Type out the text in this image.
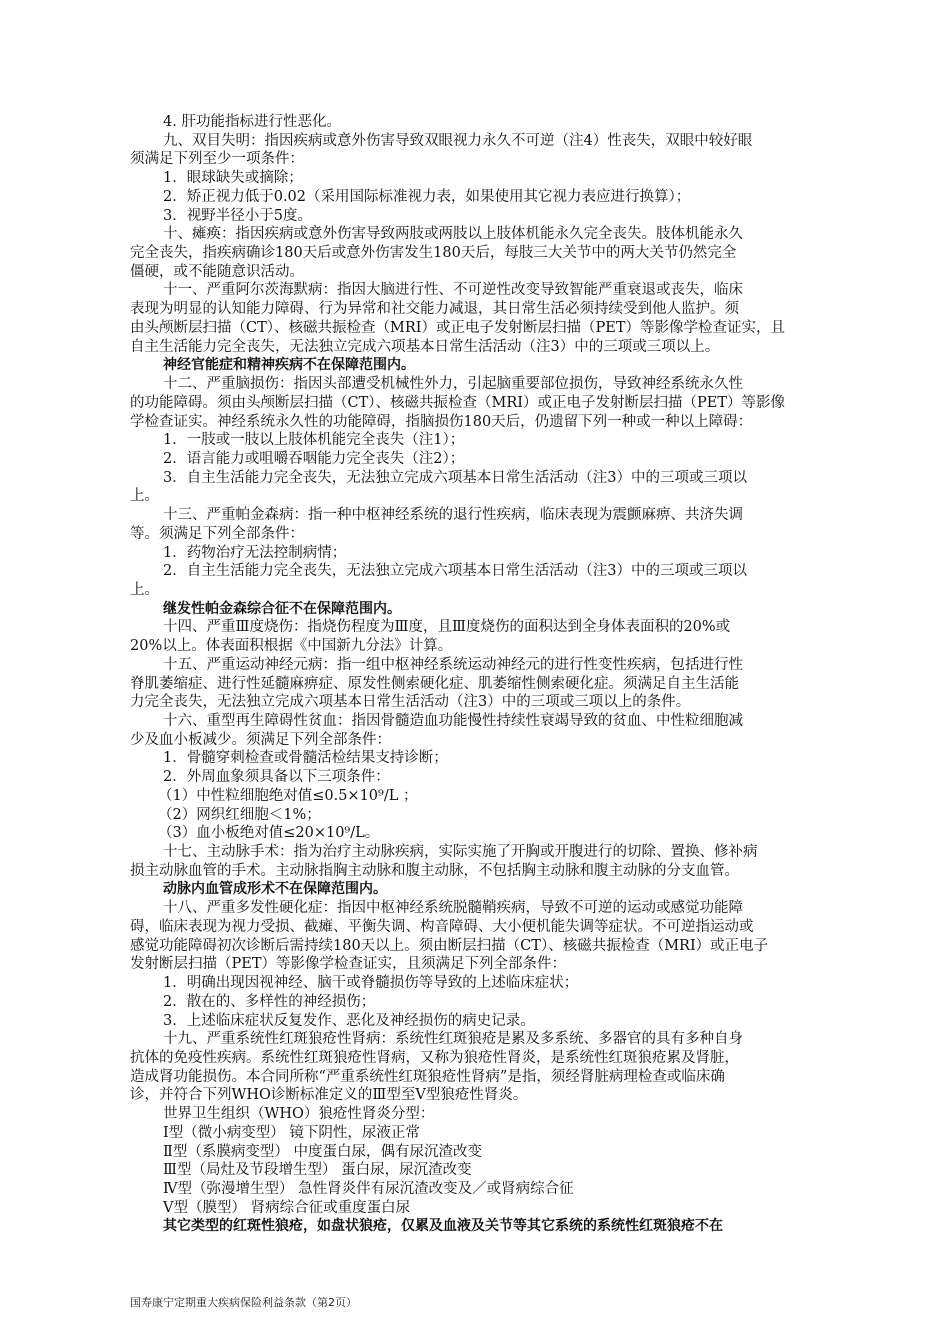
4. 肝功能指标进行性恶化。
九、双目失明：指因疾病或意外伤害导致双眼视力永久不可逆（注4）性丧失，双眼中较好眼
须满足下列至少一项条件：
1．眼球缺失或摘除；
2．矫正视力低于0.02（采用国际标准视力表，如果使用其它视力表应进行换算）；
3．视野半径小于5度。
十、瘫痪：指因疾病或意外伤害导致两肢或两肢以上肢体机能永久完全丧失。肢体机能永久
完全丧失，指疾病确诊180天后或意外伤害发生180天后，每肢三大关节中的两大关节仍然完全
僵硬，或不能随意识活动。
十一、严重阿尔茨海默病：指因大脑进行性、不可逆性改变导致智能严重衰退或丧失，临床
表现为明显的认知能力障碍、行为异常和社交能力减退，其日常生活必须持续受到他人监护。须
由头颅断层扫描（CT）、核磁共振检查（MRI）或正电子发射断层扫描（PET）等影像学检查证实，且
自主生活能力完全丧失，无法独立完成六项基本日常生活活动（注3）中的三项或三项以上。
神经官能症和精神疾病不在保障范围内。
十二、严重脑损伤：指因头部遭受机械性外力，引起脑重要部位损伤，导致神经系统永久性
的功能障碍。须由头颅断层扫描（CT）、核磁共振检查（MRI）或正电子发射断层扫描（PET）等影像
学检查证实。神经系统永久性的功能障碍，指脑损伤180天后，仍遗留下列一种或一种以上障碍：
1．一肢或一肢以上肢体机能完全丧失（注1）；
2．语言能力或咀嚼吞咽能力完全丧失（注2）；
3．自主生活能力完全丧失，无法独立完成六项基本日常生活活动（注3）中的三项或三项以
上。
十三、严重帕金森病：指一种中枢神经系统的退行性疾病，临床表现为震颤麻痹、共济失调
等。须满足下列全部条件：
1．药物治疗无法控制病情；
2．自主生活能力完全丧失，无法独立完成六项基本日常生活活动（注3）中的三项或三项以
上。
继发性帕金森综合征不在保障范围内。
十四、严重Ⅲ度烧伤：指烧伤程度为Ⅲ度，且Ⅲ度烧伤的面积达到全身体表面积的20%或
20%以上。体表面积根据《中国新九分法》计算。
十五、严重运动神经元病：指一组中枢神经系统运动神经元的进行性变性疾病，包括进行性
脊肌萎缩症、进行性延髓麻痹症、原发性侧索硬化症、肌萎缩性侧索硬化症。须满足自主生活能
力完全丧失，无法独立完成六项基本日常生活活动（注3）中的三项或三项以上的条件。
十六、重型再生障碍性贫血：指因骨髓造血功能慢性持续性衰竭导致的贫血、中性粒细胞减
少及血小板减少。须满足下列全部条件：
1．骨髓穿刺检查或骨髓活检结果支持诊断；
2．外周血象须具备以下三项条件：
（1）中性粒细胞绝对值≤0.5×10⁹/L ；
（2）网织红细胞＜1%；
（3）血小板绝对值≤20×10⁹/L。
十七、主动脉手术：指为治疗主动脉疾病，实际实施了开胸或开腹进行的切除、置换、修补病
损主动脉血管的手术。主动脉指胸主动脉和腹主动脉，不包括胸主动脉和腹主动脉的分支血管。
动脉内血管成形术不在保障范围内。
十八、严重多发性硬化症：指因中枢神经系统脱髓鞘疾病，导致不可逆的运动或感觉功能障
碍，临床表现为视力受损、截瘫、平衡失调、构音障碍、大小便机能失调等症状。不可逆指运动或
感觉功能障碍初次诊断后需持续180天以上。须由断层扫描（CT）、核磁共振检查（MRI）或正电子
发射断层扫描（PET）等影像学检查证实，且须满足下列全部条件：
1．明确出现因视神经、脑干或脊髓损伤等导致的上述临床症状；
2．散在的、多样性的神经损伤；
3．上述临床症状反复发作、恶化及神经损伤的病史记录。
十九、严重系统性红斑狼疮性肾病：系统性红斑狼疮是累及多系统、多器官的具有多种自身
抗体的免疫性疾病。系统性红斑狼疮性肾病，又称为狼疮性肾炎，是系统性红斑狼疮累及肾脏，
造成肾功能损伤。本合同所称“严重系统性红斑狼疮性肾病”是指，须经肾脏病理检查或临床确
诊，并符合下列WHO诊断标准定义的Ⅲ型至Ⅴ型狼疮性肾炎。
世界卫生组织（WHO）狼疮性肾炎分型：
Ⅰ型（微小病变型） 镜下阴性，尿液正常
Ⅱ型（系膜病变型） 中度蛋白尿，偶有尿沉渣改变
Ⅲ型（局灶及节段增生型） 蛋白尿，尿沉渣改变
Ⅳ型（弥漫增生型） 急性肾炎伴有尿沉渣改变及／或肾病综合征
Ⅴ型（膜型） 肾病综合征或重度蛋白尿
其它类型的红斑性狼疮，如盘状狼疮，仅累及血液及关节等其它系统的系统性红斑狼疮不在
国寿康宁定期重大疾病保险利益条款（第2页）
